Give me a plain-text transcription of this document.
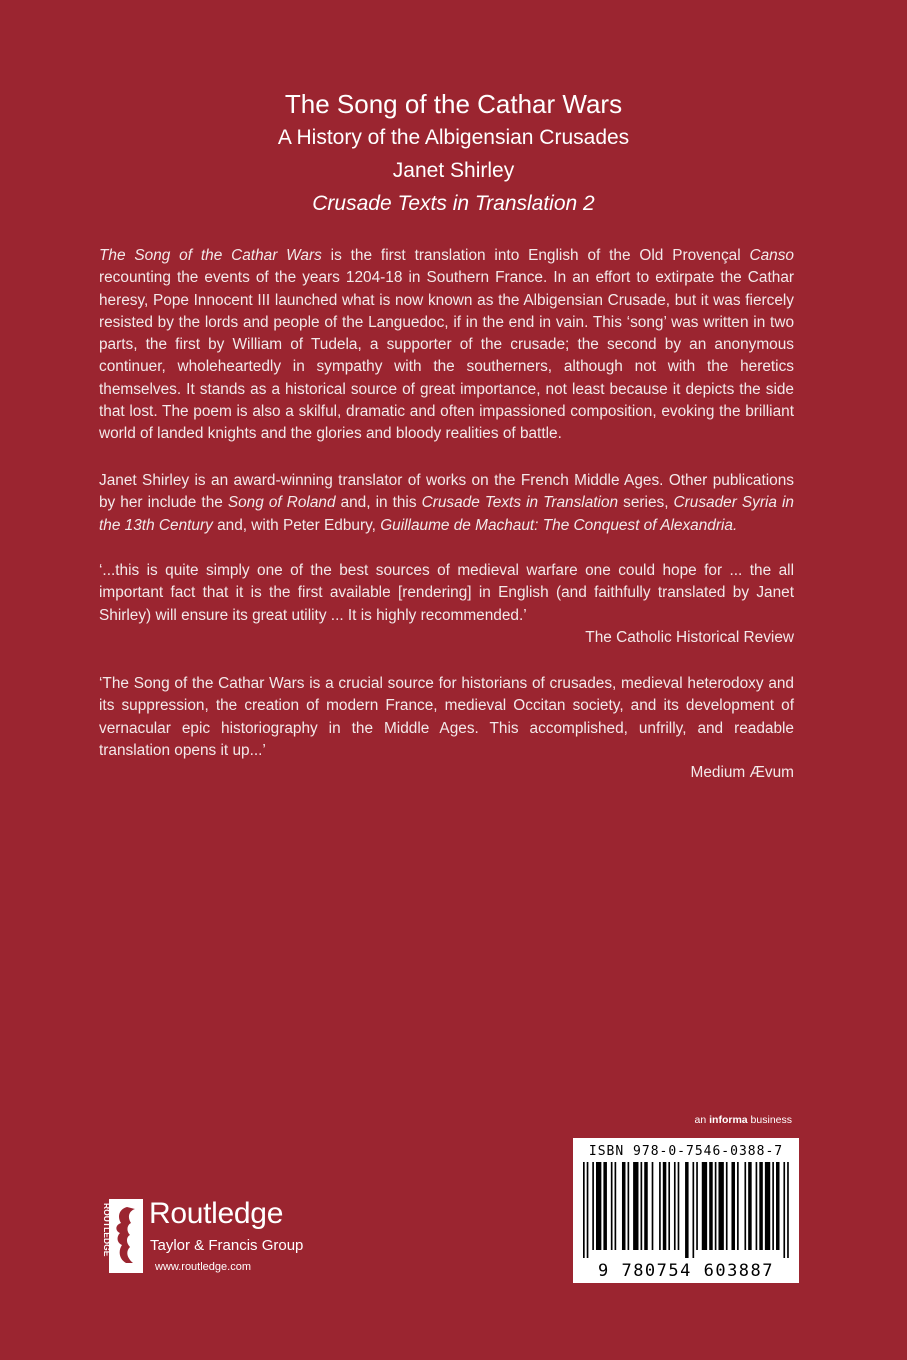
The Song of the Cathar Wars
A History of the Albigensian Crusades
Janet Shirley
Crusade Texts in Translation 2

The Song of the Cathar Wars is the first translation into English of the Old Provençal Canso recounting the events of the years 1204-18 in Southern France. In an effort to extirpate the Cathar heresy, Pope Innocent III launched what is now known as the Albigensian Crusade, but it was fiercely resisted by the lords and people of the Languedoc, if in the end in vain. This ‘song’ was written in two parts, the first by William of Tudela, a supporter of the crusade; the second by an anonymous continuer, wholeheartedly in sympathy with the southerners, although not with the heretics themselves. It stands as a historical source of great importance, not least because it depicts the side that lost. The poem is also a skilful, dramatic and often impassioned composition, evoking the brilliant world of landed knights and the glories and bloody realities of battle.

Janet Shirley is an award-winning translator of works on the French Middle Ages. Other publications by her include the Song of Roland and, in this Crusade Texts in Translation series, Crusader Syria in the 13th Century and, with Peter Edbury, Guillaume de Machaut: The Conquest of Alexandria.

‘...this is quite simply one of the best sources of medieval warfare one could hope for ... the all important fact that it is the first available [rendering] in English (and faithfully translated by Janet Shirley) will ensure its great utility ... It is highly recommended.’

The Catholic Historical Review

‘The Song of the Cathar Wars is a crucial source for historians of crusades, medieval heterodoxy and its suppression, the creation of modern France, medieval Occitan society, and its development of vernacular epic historiography in the Middle Ages. This accomplished, unfrilly, and readable translation opens it up...’

Medium Ævum
an informa business
ISBN 978-0-7546-0388-7
9 780754 603887
ROUTLEDGE Routledge
Taylor & Francis Group
www.routledge.com
